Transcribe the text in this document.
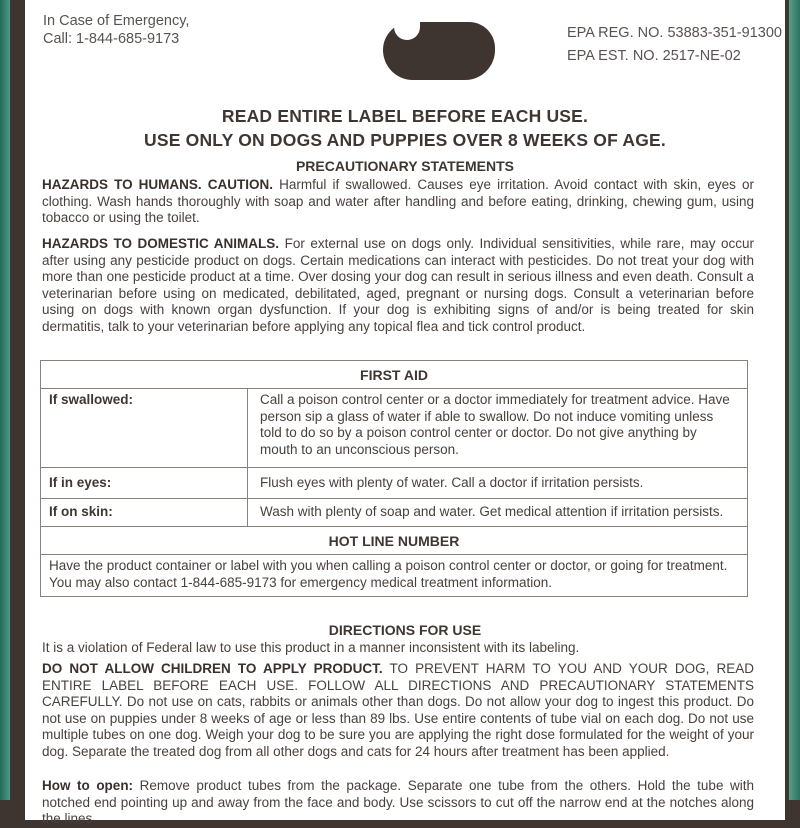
In Case of Emergency,
Call: 1-844-685-9173	EPA REG. NO. 53883-351-91300
EPA EST. NO. 2517-NE-02
READ ENTIRE LABEL BEFORE EACH USE.
USE ONLY ON DOGS AND PUPPIES OVER 8 WEEKS OF AGE.
PRECAUTIONARY STATEMENTS
HAZARDS TO HUMANS. CAUTION. Harmful if swallowed. Causes eye irritation. Avoid contact with skin, eyes or clothing. Wash hands thoroughly with soap and water after handling and before eating, drinking, chewing gum, using tobacco or using the toilet.
HAZARDS TO DOMESTIC ANIMALS. For external use on dogs only. Individual sensitivities, while rare, may occur after using any pesticide product on dogs. Certain medications can interact with pesticides. Do not treat your dog with more than one pesticide product at a time. Over dosing your dog can result in serious illness and even death. Consult a veterinarian before using on medicated, debilitated, aged, pregnant or nursing dogs. Consult a veterinarian before using on dogs with known organ dysfunction. If your dog is exhibiting signs of and/or is being treated for skin dermatitis, talk to your veterinarian before applying any topical flea and tick control product.
FIRST AID	
If swallowed:	Call a poison control center or a doctor immediately for treatment advice. Have person sip a glass of water if able to swallow. Do not induce vomiting unless told to do so by a poison control center or doctor. Do not give anything by mouth to an unconscious person.
If in eyes:	Flush eyes with plenty of water. Call a doctor if irritation persists.
If on skin:	Wash with plenty of soap and water. Get medical attention if irritation persists.
HOT LINE NUMBER	
Have the product container or label with you when calling a poison control center or doctor, or going for treatment. You may also contact 1-844-685-9173 for emergency medical treatment information.	
DIRECTIONS FOR USE
It is a violation of Federal law to use this product in a manner inconsistent with its labeling.
DO NOT ALLOW CHILDREN TO APPLY PRODUCT. TO PREVENT HARM TO YOU AND YOUR DOG, READ ENTIRE LABEL BEFORE EACH USE. FOLLOW ALL DIRECTIONS AND PRECAUTIONARY STATEMENTS CAREFULLY. Do not use on cats, rabbits or animals other than dogs. Do not allow your dog to ingest this product. Do not use on puppies under 8 weeks of age or less than 89 lbs. Use entire contents of tube vial on each dog. Do not use multiple tubes on one dog. Weigh your dog to be sure you are applying the right dose formulated for the weight of your dog. Separate the treated dog from all other dogs and cats for 24 hours after treatment has been applied.
How to open: Remove product tubes from the package. Separate one tube from the others. Hold the tube with notched end pointing up and away from the face and body. Use scissors to cut off the narrow end at the notches along the lines.
